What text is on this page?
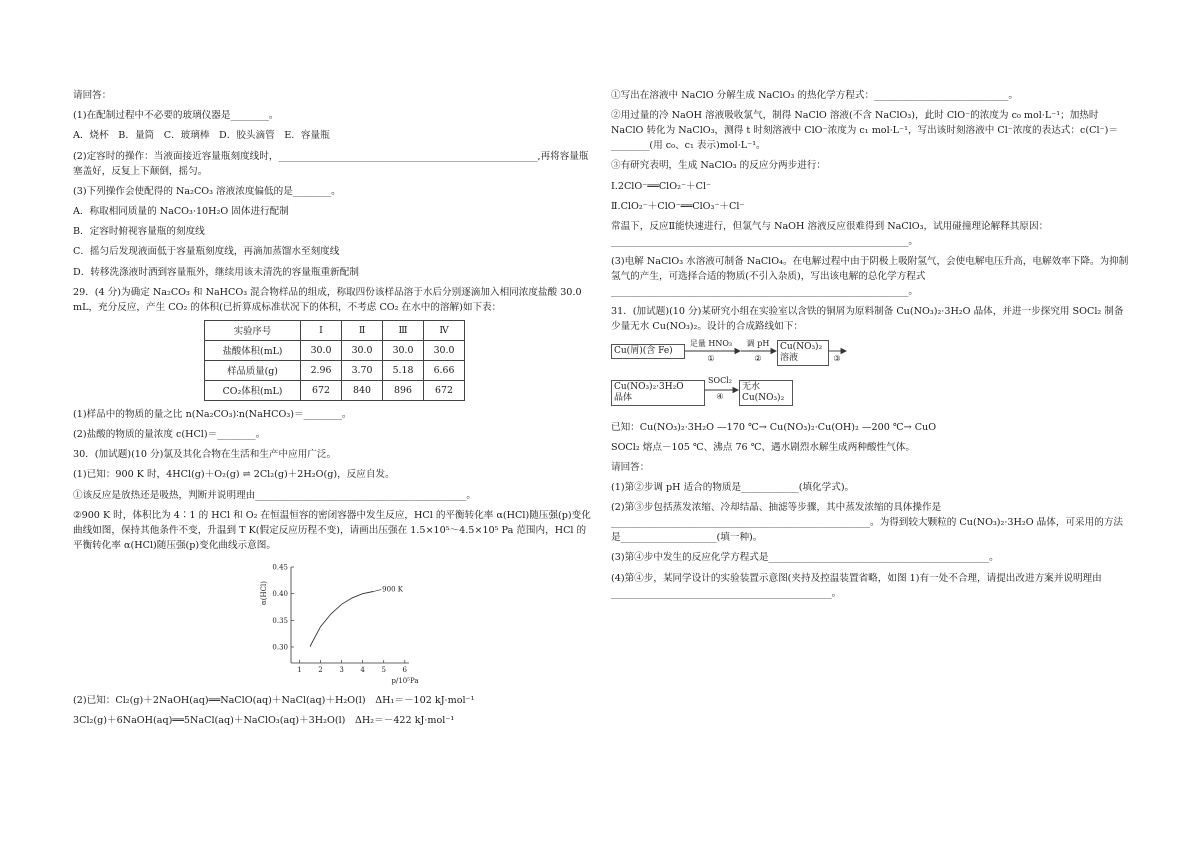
请回答：

(1)在配制过程中不必要的玻璃仪器是________。

A．烧杯　B．量筒　C．玻璃棒　D．胶头滴管　E．容量瓶

(2)定容时的操作：当液面接近容量瓶刻度线时，______________________________________________________,再将容量瓶塞盖好，反复上下颠倒，摇匀。

(3)下列操作会使配得的 Na₂CO₃ 溶液浓度偏低的是________。

A．称取相同质量的 NaCO₃·10H₂O 固体进行配制

B．定容时俯视容量瓶的刻度线

C．摇匀后发现液面低于容量瓶刻度线，再滴加蒸馏水至刻度线

D．转移洗涤液时洒到容量瓶外，继续用该未清洗的容量瓶重新配制

29．(4 分)为确定 Na₂CO₃ 和 NaHCO₃ 混合物样品的组成，称取四份该样品溶于水后分别逐滴加入相同浓度盐酸 30.0 mL，充分反应，产生 CO₂ 的体积(已折算成标准状况下的体积，不考虑 CO₂ 在水中的溶解)如下表：

实验序号	Ⅰ	Ⅱ	Ⅲ	Ⅳ
盐酸体积(mL)	30.0	30.0	30.0	30.0
样品质量(g)	2.96	3.70	5.18	6.66
CO₂体积(mL)	672	840	896	672

(1)样品中的物质的量之比 n(Na₂CO₃)∶n(NaHCO₃)＝________。

(2)盐酸的物质的量浓度 c(HCl)＝________。

30．(加试题)(10 分)氯及其化合物在生活和生产中应用广泛。

(1)已知：900 K 时，4HCl(g)＋O₂(g) ⇌ 2Cl₂(g)＋2H₂O(g)，反应自发。

①该反应是放热还是吸热，判断并说明理由____________________________________________。

②900 K 时，体积比为 4∶1 的 HCl 和 O₂ 在恒温恒容的密闭容器中发生反应，HCl 的平衡转化率 α(HCl)随压强(p)变化曲线如图，保持其他条件不变，升温到 T K(假定反应历程不变)，请画出压强在 1.5×10⁵～4.5×10⁵ Pa 范围内，HCl 的平衡转化率 α(HCl)随压强(p)变化曲线示意图。

1 2 3 4 5 6
0.30
0.35
0.40
0.45
α(HCl)
p/10⁵Pa
900 K

(2)已知：Cl₂(g)＋2NaOH(aq)══NaClO(aq)＋NaCl(aq)＋H₂O(l)　ΔH₁＝－102 kJ·mol⁻¹

3Cl₂(g)＋6NaOH(aq)══5NaCl(aq)＋NaClO₃(aq)＋3H₂O(l)　ΔH₂＝－422 kJ·mol⁻¹

①写出在溶液中 NaClO 分解生成 NaClO₃ 的热化学方程式：____________________________。

②用过量的冷 NaOH 溶液吸收氯气，制得 NaClO 溶液(不含 NaClO₃)，此时 ClO⁻的浓度为 c₀ mol·L⁻¹；加热时 NaClO 转化为 NaClO₃，测得 t 时刻溶液中 ClO⁻浓度为 c₁ mol·L⁻¹，写出该时刻溶液中 Cl⁻浓度的表达式：c(Cl⁻)＝________(用 c₀、c₁ 表示)mol·L⁻¹。

③有研究表明，生成 NaClO₃ 的反应分两步进行：

Ⅰ.2ClO⁻══ClO₂⁻＋Cl⁻

Ⅱ.ClO₂⁻＋ClO⁻══ClO₃⁻＋Cl⁻

常温下，反应Ⅱ能快速进行，但氯气与 NaOH 溶液反应很难得到 NaClO₃，试用碰撞理论解释其原因：______________________________________________________________。

(3)电解 NaClO₃ 水溶液可制备 NaClO₄。在电解过程中由于阴极上吸附氢气，会使电解电压升高，电解效率下降。为抑制氢气的产生，可选择合适的物质(不引入杂质)，写出该电解的总化学方程式______________________________________________________________。

31．(加试题)(10 分)某研究小组在实验室以含铁的铜屑为原料制备 Cu(NO₃)₂·3H₂O 晶体，并进一步探究用 SOCl₂ 制备少量无水 Cu(NO₃)₂。设计的合成路线如下：

Cu(屑)(含 Fe)
足量 HNO₃
①
调 pH
②
Cu(NO₃)₂
溶液	③
Cu(NO₃)₂·3H₂O
晶体
SOCl₂
④
无水
Cu(NO₃)₂

已知：Cu(NO₃)₂·3H₂O —170 ℃→ Cu(NO₃)₂·Cu(OH)₂ —200 ℃→ CuO

SOCl₂ 熔点－105 ℃、沸点 76 ℃、遇水剧烈水解生成两种酸性气体。

请回答：

(1)第②步调 pH 适合的物质是____________(填化学式)。

(2)第③步包括蒸发浓缩、冷却结晶、抽滤等步骤，其中蒸发浓缩的具体操作是______________________________________________________。为得到较大颗粒的 Cu(NO₃)₂·3H₂O 晶体，可采用的方法是____________________(填一种)。

(3)第④步中发生的反应化学方程式是______________________________________________。

(4)第④步，某同学设计的实验装置示意图(夹持及控温装置省略，如图 1)有一处不合理，请提出改进方案并说明理由______________________________________________。
